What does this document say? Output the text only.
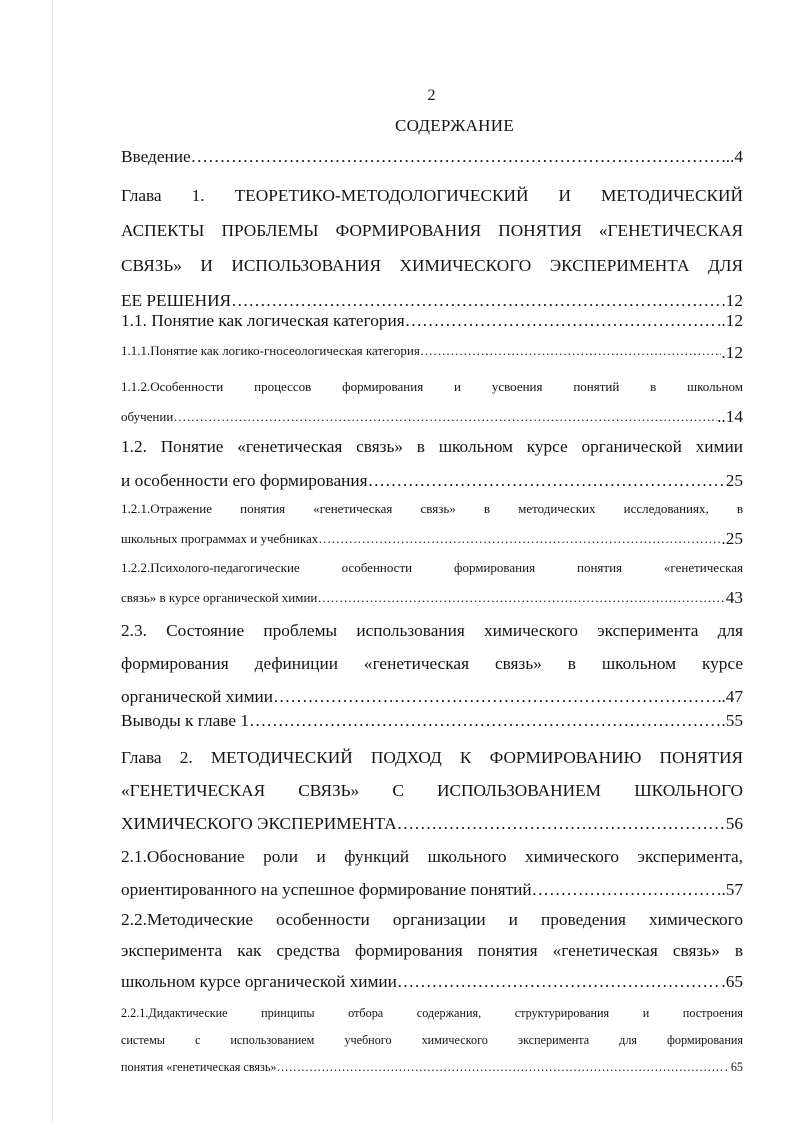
2
СОДЕРЖАНИЕ
Введение …………………………………………………………………………………………………………………………………………………………………………	...4
Глава 1. ТЕОРЕТИКО-МЕТОДОЛОГИЧЕСКИЙ И МЕТОДИЧЕСКИЙ
АСПЕКТЫ ПРОБЛЕМЫ ФОРМИРОВАНИЯ ПОНЯТИЯ «ГЕНЕТИЧЕСКАЯ
СВЯЗЬ» И ИСПОЛЬЗОВАНИЯ ХИМИЧЕСКОГО ЭКСПЕРИМЕНТА ДЛЯ
ЕЕ РЕШЕНИЯ …………………………………………………………………………………………………………………………………………………………………………	12
1.1. Понятие как логическая категория …………………………………………………………………………………………………………………………………………………………………………	..12
1.1.1.Понятие как логико-гносеологическая категория …………………………………………………………………………………………………………………………………………………………………………	.12
1.1.2.Особенности процессов формирования и усвоения понятий в школьном
обучении …………………………………………………………………………………………………………………………………………………………………………	..14
1.2. Понятие «генетическая связь» в школьном курсе органической химии
и особенности его формирования …………………………………………………………………………………………………………………………………………………………………………	25
1.2.1.Отражение понятия «генетическая связь» в методических исследованиях, в
школьных программах и учебниках …………………………………………………………………………………………………………………………………………………………………………	.25
1.2.2.Психолого-педагогические особенности формирования понятия «генетическая
связь» в курсе органической химии …………………………………………………………………………………………………………………………………………………………………………	43
2.3. Состояние проблемы использования химического эксперимента для
формирования дефиниции «генетическая связь» в школьном курсе
органической химии …………………………………………………………………………………………………………………………………………………………………………	.47
Выводы к главе 1 …………………………………………………………………………………………………………………………………………………………………………	.55
Глава 2. МЕТОДИЧЕСКИЙ ПОДХОД К ФОРМИРОВАНИЮ ПОНЯТИЯ
«ГЕНЕТИЧЕСКАЯ СВЯЗЬ» С ИСПОЛЬЗОВАНИЕМ ШКОЛЬНОГО
ХИМИЧЕСКОГО ЭКСПЕРИМЕНТА …………………………………………………………………………………………………………………………………………………………………………	56
2.1.Обоснование роли и функций школьного химического эксперимента,
ориентированного на успешное формирование понятий …………………………………………………………………………………………………………………………………………………………………………	..57
2.2.Методические особенности организации и проведения химического
эксперимента как средства формирования понятия «генетическая связь» в
школьном курсе органической химии …………………………………………………………………………………………………………………………………………………………………………	.65
2.2.1.Дидактические принципы отбора содержания, структурирования и построения
системы с использованием учебного химического эксперимента для формирования
понятия «генетическая связь» …………………………………………………………………………………………………………………………………………………………………………	. 65
